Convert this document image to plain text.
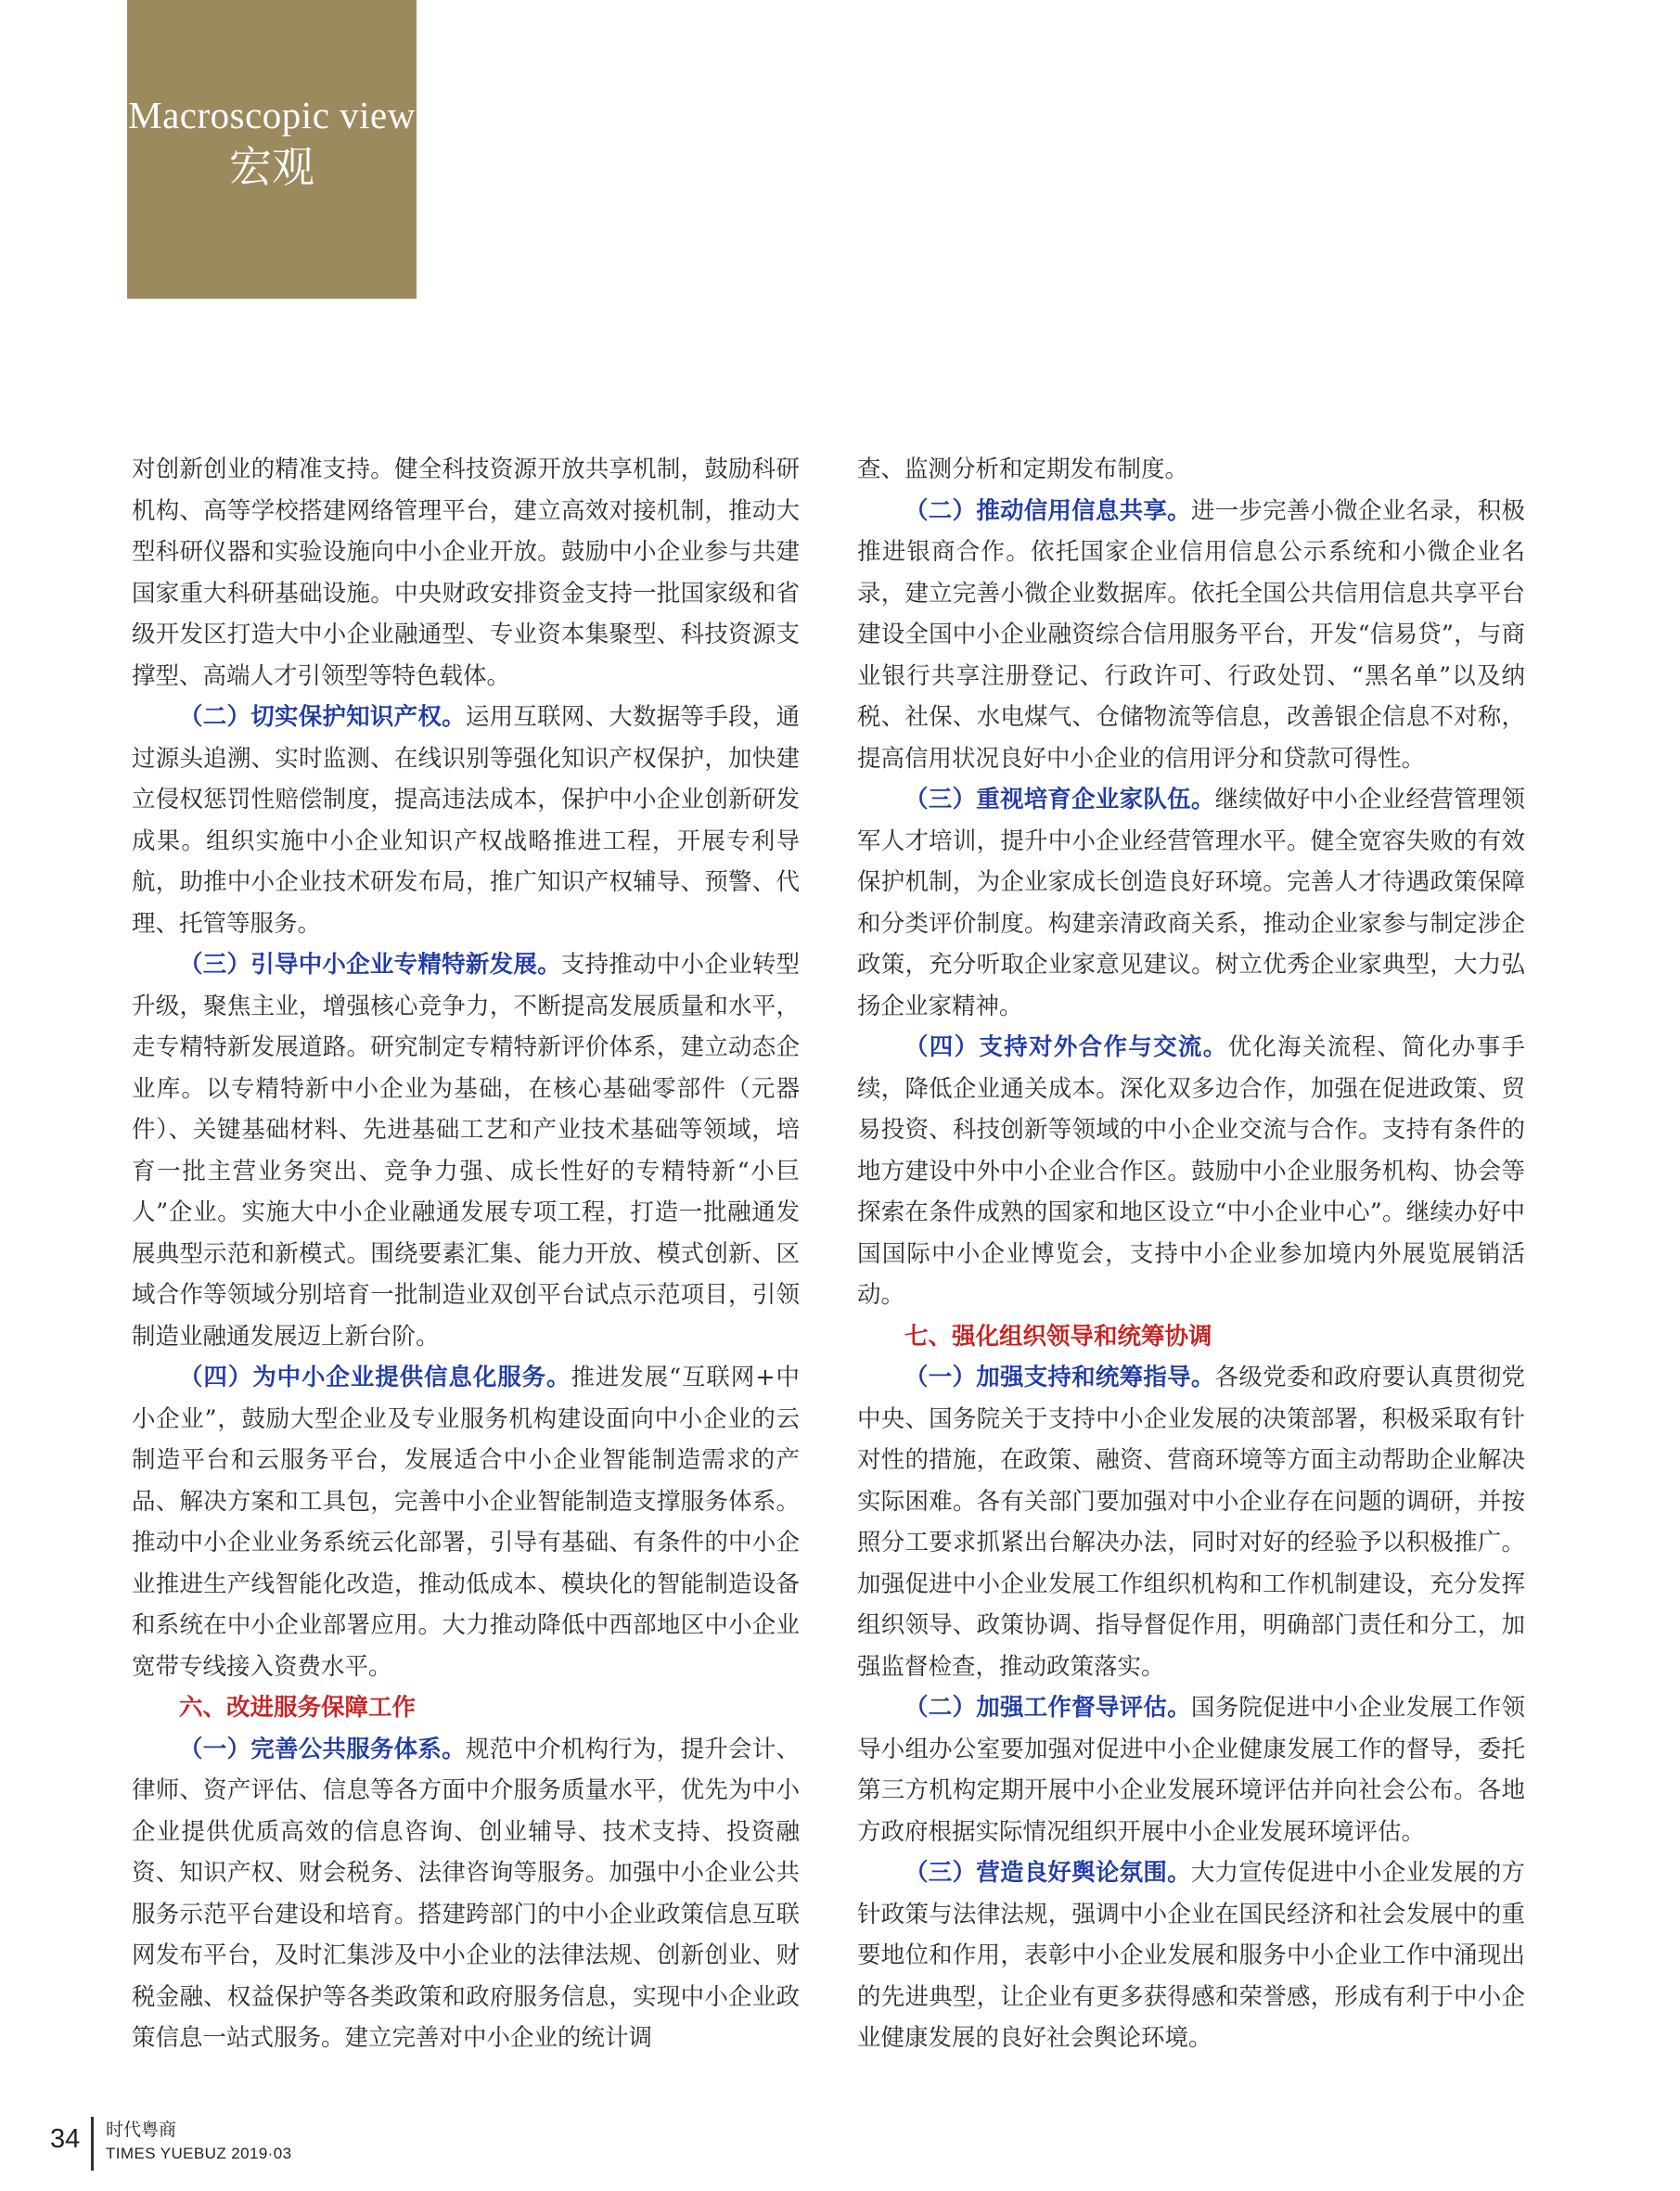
Macroscopic view
宏观

对创新创业的精准支持。健全科技资源开放共享机制，鼓励科研机构、高等学校搭建网络管理平台，建立高效对接机制，推动大型科研仪器和实验设施向中小企业开放。鼓励中小企业参与共建国家重大科研基础设施。中央财政安排资金支持一批国家级和省级开发区打造大中小企业融通型、专业资本集聚型、科技资源支撑型、高端人才引领型等特色载体。

（二）切实保护知识产权。运用互联网、大数据等手段，通过源头追溯、实时监测、在线识别等强化知识产权保护，加快建立侵权惩罚性赔偿制度，提高违法成本，保护中小企业创新研发成果。组织实施中小企业知识产权战略推进工程，开展专利导航，助推中小企业技术研发布局，推广知识产权辅导、预警、代理、托管等服务。

（三）引导中小企业专精特新发展。支持推动中小企业转型升级，聚焦主业，增强核心竞争力，不断提高发展质量和水平，走专精特新发展道路。研究制定专精特新评价体系，建立动态企业库。以专精特新中小企业为基础，在核心基础零部件（元器件）、关键基础材料、先进基础工艺和产业技术基础等领域，培育一批主营业务突出、竞争力强、成长性好的专精特新“小巨人”企业。实施大中小企业融通发展专项工程，打造一批融通发展典型示范和新模式。围绕要素汇集、能力开放、模式创新、区域合作等领域分别培育一批制造业双创平台试点示范项目，引领制造业融通发展迈上新台阶。

（四）为中小企业提供信息化服务。推进发展“互联网+中小企业”，鼓励大型企业及专业服务机构建设面向中小企业的云制造平台和云服务平台，发展适合中小企业智能制造需求的产品、解决方案和工具包，完善中小企业智能制造支撑服务体系。推动中小企业业务系统云化部署，引导有基础、有条件的中小企业推进生产线智能化改造，推动低成本、模块化的智能制造设备和系统在中小企业部署应用。大力推动降低中西部地区中小企业宽带专线接入资费水平。

六、改进服务保障工作

（一）完善公共服务体系。规范中介机构行为，提升会计、律师、资产评估、信息等各方面中介服务质量水平，优先为中小企业提供优质高效的信息咨询、创业辅导、技术支持、投资融资、知识产权、财会税务、法律咨询等服务。加强中小企业公共服务示范平台建设和培育。搭建跨部门的中小企业政策信息互联网发布平台，及时汇集涉及中小企业的法律法规、创新创业、财税金融、权益保护等各类政策和政府服务信息，实现中小企业政策信息一站式服务。建立完善对中小企业的统计调

查、监测分析和定期发布制度。

（二）推动信用信息共享。进一步完善小微企业名录，积极推进银商合作。依托国家企业信用信息公示系统和小微企业名录，建立完善小微企业数据库。依托全国公共信用信息共享平台建设全国中小企业融资综合信用服务平台，开发“信易贷”，与商业银行共享注册登记、行政许可、行政处罚、“黑名单”以及纳税、社保、水电煤气、仓储物流等信息，改善银企信息不对称，提高信用状况良好中小企业的信用评分和贷款可得性。

（三）重视培育企业家队伍。继续做好中小企业经营管理领军人才培训，提升中小企业经营管理水平。健全宽容失败的有效保护机制，为企业家成长创造良好环境。完善人才待遇政策保障和分类评价制度。构建亲清政商关系，推动企业家参与制定涉企政策，充分听取企业家意见建议。树立优秀企业家典型，大力弘扬企业家精神。

（四）支持对外合作与交流。优化海关流程、简化办事手续，降低企业通关成本。深化双多边合作，加强在促进政策、贸易投资、科技创新等领域的中小企业交流与合作。支持有条件的地方建设中外中小企业合作区。鼓励中小企业服务机构、协会等探索在条件成熟的国家和地区设立“中小企业中心”。继续办好中国国际中小企业博览会，支持中小企业参加境内外展览展销活动。

七、强化组织领导和统筹协调

（一）加强支持和统筹指导。各级党委和政府要认真贯彻党中央、国务院关于支持中小企业发展的决策部署，积极采取有针对性的措施，在政策、融资、营商环境等方面主动帮助企业解决实际困难。各有关部门要加强对中小企业存在问题的调研，并按照分工要求抓紧出台解决办法，同时对好的经验予以积极推广。加强促进中小企业发展工作组织机构和工作机制建设，充分发挥组织领导、政策协调、指导督促作用，明确部门责任和分工，加强监督检查，推动政策落实。

（二）加强工作督导评估。国务院促进中小企业发展工作领导小组办公室要加强对促进中小企业健康发展工作的督导，委托第三方机构定期开展中小企业发展环境评估并向社会公布。各地方政府根据实际情况组织开展中小企业发展环境评估。

（三）营造良好舆论氛围。大力宣传促进中小企业发展的方针政策与法律法规，强调中小企业在国民经济和社会发展中的重要地位和作用，表彰中小企业发展和服务中小企业工作中涌现出的先进典型，让企业有更多获得感和荣誉感，形成有利于中小企业健康发展的良好社会舆论环境。

34 时代粤商
TIMES YUEBUZ 2019·03
